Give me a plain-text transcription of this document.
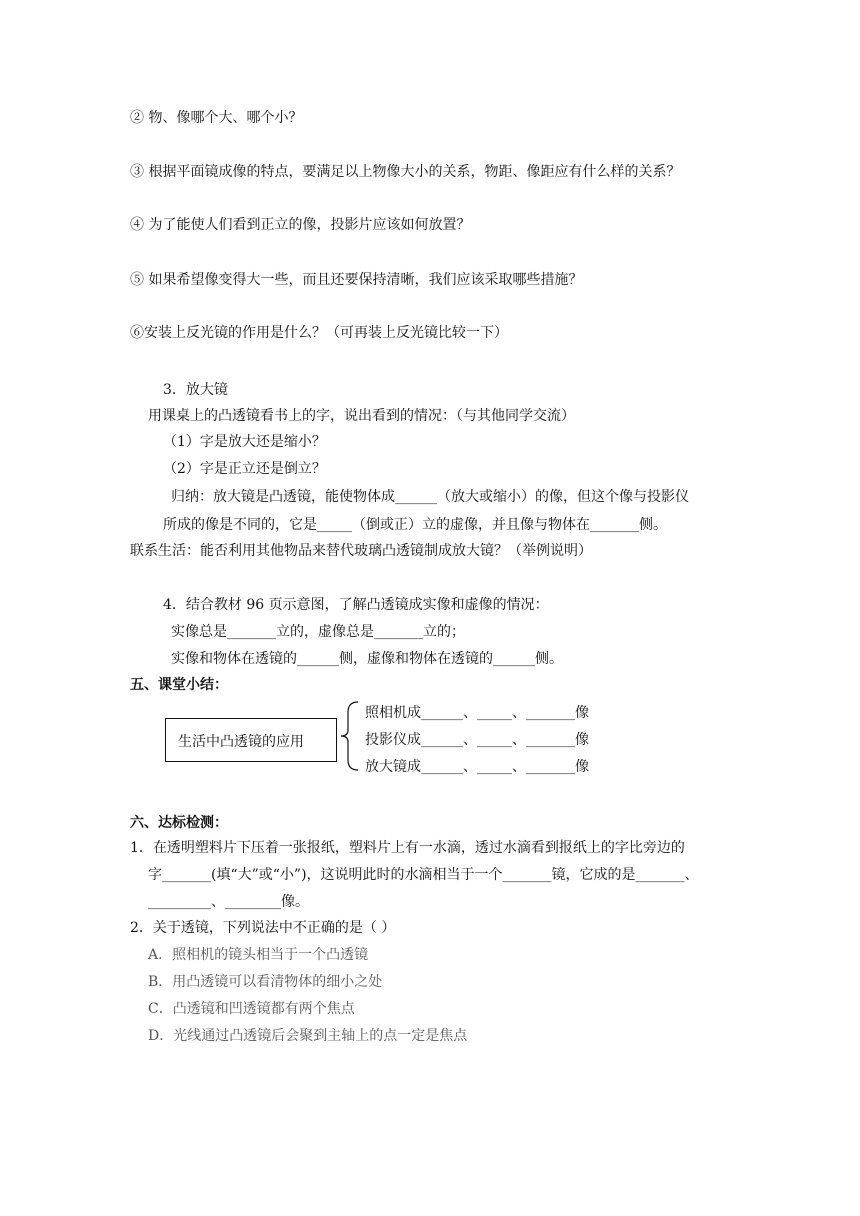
② 物、像哪个大、哪个小？
③ 根据平面镜成像的特点，要满足以上物像大小的关系，物距、像距应有什么样的关系？
④ 为了能使人们看到正立的像，投影片应该如何放置？
⑤ 如果希望像变得大一些，而且还要保持清晰，我们应该采取哪些措施？
⑥安装上反光镜的作用是什么？（可再装上反光镜比较一下）
3．放大镜
用课桌上的凸透镜看书上的字，说出看到的情况：（与其他同学交流）
（1）字是放大还是缩小？
（2）字是正立还是倒立？
归纳：放大镜是凸透镜，能使物体成______（放大或缩小）的像，但这个像与投影仪
所成的像是不同的，它是_____（倒或正）立的虚像，并且像与物体在_______侧。
联系生活：能否利用其他物品来替代玻璃凸透镜制成放大镜？（举例说明）
4．结合教材 96 页示意图，了解凸透镜成实像和虚像的情况：
实像总是_______立的，虚像总是_______立的；
实像和物体在透镜的______侧，虚像和物体在透镜的______侧。
五、课堂小结：
生活中凸透镜的应用
照相机成______、_____、_______像
投影仪成______、_____、_______像
放大镜成______、_____、_______像
六、达标检测：
1．在透明塑料片下压着一张报纸，塑料片上有一水滴，透过水滴看到报纸上的字比旁边的
字_______(填“大”或“小”)，这说明此时的水滴相当于一个_______镜，它成的是_______、
_________、________像。
2．关于透镜，下列说法中不正确的是（ ）
A．照相机的镜头相当于一个凸透镜
B．用凸透镜可以看清物体的细小之处
C．凸透镜和凹透镜都有两个焦点
D．光线通过凸透镜后会聚到主轴上的点一定是焦点
